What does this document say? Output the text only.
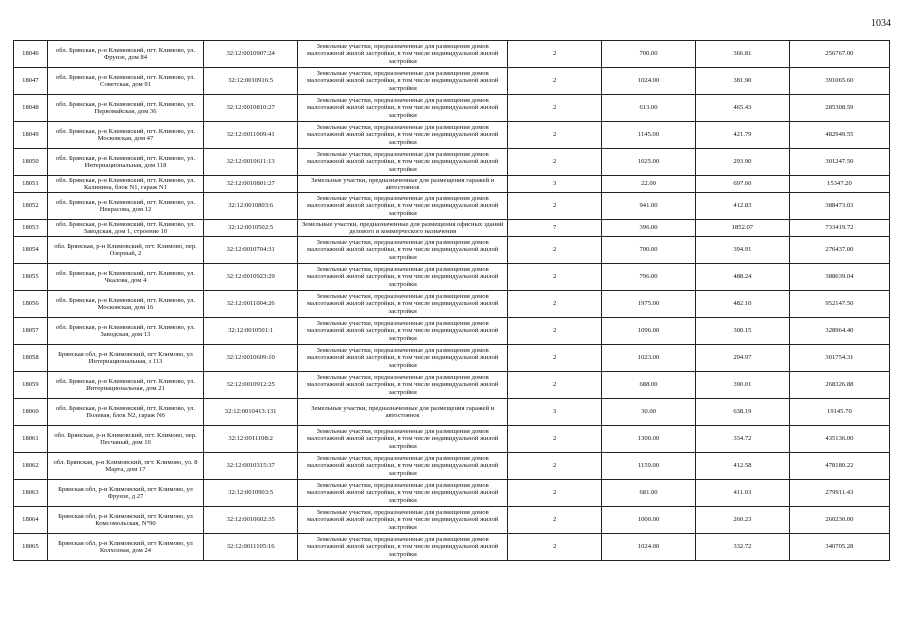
1034
18046	обл. Брянская, р-н Климовский, пгт. Климово, ул. Фрунзе, дом 84	32:12:0010907:24	Земельные участки, предназначенные для размещения домов малоэтажной жилой застройки, в том числе индивидуальной жилой застройки	2	700.00	366.81	256767.00
18047	обл. Брянская, р-н Климовский, пгт. Климово, ул. Советская, дом 91	32:12:0010916:5	Земельные участки, предназначенные для размещения домов малоэтажной жилой застройки, в том числе индивидуальной жилой застройки	2	1024.00	381.90	391065.60
18048	обл. Брянская, р-н Климовский, пгт. Климово, ул. Первомайская, дом 36	32:12:0010810:27	Земельные участки, предназначенные для размещения домов малоэтажной жилой застройки, в том числе индивидуальной жилой застройки	2	613.00	465.43	285308.59
18049	обл. Брянская, р-н Климовский, пгт. Климово, ул. Московская, дом 47	32:12:0011009:41	Земельные участки, предназначенные для размещения домов малоэтажной жилой застройки, в том числе индивидуальной жилой застройки	2	1145.00	421.79	482949.55
18050	обл. Брянская, р-н Климовский, пгт. Климово, ул. Интернациональная, дом 118	32:12:0010611:13	Земельные участки, предназначенные для размещения домов малоэтажной жилой застройки, в том числе индивидуальной жилой застройки	2	1025.00	293.90	301247.50
18051	обл. Брянская, р-н Климовский, пгт. Климово, ул. Калинина, блок N1, гараж N1	32:12:0010801:27	Земельные участки, предназначенные для размещения гаражей и автостоянок	3	22.00	697.60	15347.20
18052	обл. Брянская, р-н Климовский, пгт. Климово, ул. Некрасова, дом 12	32:12:0010803:6	Земельные участки, предназначенные для размещения домов малоэтажной жилой застройки, в том числе индивидуальной жилой застройки	2	941.00	412.83	388473.03
18053	обл. Брянская, р-н Климовский, пгт. Климово, ул. Заводская, дом 1, строение 10	32:12:0010502:5	Земельные участки, предназначенные для размещения офисных зданий делового и коммерческого назначения	7	396.00	1852.07	733419.72
18054	обл. Брянская, р-н Климовский, пгт. Климово, пер. Озерный, 2	32:12:0010704:31	Земельные участки, предназначенные для размещения домов малоэтажной жилой застройки, в том числе индивидуальной жилой застройки	2	700.00	394.91	276437.00
18055	обл. Брянская, р-н Климовский, пгт. Климово, ул. Чкалова, дом 4	32:12:0010923:29	Земельные участки, предназначенные для размещения домов малоэтажной жилой застройки, в том числе индивидуальной жилой застройки	2	796.00	488.24	388639.04
18056	обл. Брянская, р-н Климовский, пгт. Климово, ул. Московская, дом 16	32:12:0011004:26	Земельные участки, предназначенные для размещения домов малоэтажной жилой застройки, в том числе индивидуальной жилой застройки	2	1975.00	482.10	952147.50
18057	обл. Брянская, р-н Климовский, пгт. Климово, ул. Заводская, дом 13	32:12:0010501:1	Земельные участки, предназначенные для размещения домов малоэтажной жилой застройки, в том числе индивидуальной жилой застройки	2	1096.00	300.15	328964.40
18058	Брянская обл, р-н Климовский, пгт Климово, ул Интернациональная, з 113	32:12:0010609:10	Земельные участки, предназначенные для размещения домов малоэтажной жилой застройки, в том числе индивидуальной жилой застройки	2	1023.00	294.97	301754.31
18059	обл. Брянская, р-н Климовский, пгт. Климово, ул. Интернациональная, дом 21	32:12:0010912:25	Земельные участки, предназначенные для размещения домов малоэтажной жилой застройки, в том числе индивидуальной жилой застройки	2	688.00	390.01	268326.88
18060	обл. Брянская, р-н Климовский, пгт. Климово, ул. Полевая, блок N2, гараж N6	32:12:0010413:131	Земельные участки, предназначенные для размещения гаражей и автостоянок	3	30.00	638.19	19145.70
18061	обл. Брянская, р-н Климовский, пгт. Климово, пер. Песчаный, дом 10	32:12:0011108:2	Земельные участки, предназначенные для размещения домов малоэтажной жилой застройки, в том числе индивидуальной жилой застройки	2	1300.00	334.72	435136.00
18062	обл. Брянская, р-н Климовский, пгт. Климово, ул. 8 Марта, дом 17	32:12:0010315:37	Земельные участки, предназначенные для размещения домов малоэтажной жилой застройки, в том числе индивидуальной жилой застройки	2	1159.00	412.58	478180.22
18063	Брянская обл, р-н Климовский, пгт Климово, ул Фрунзе, д 27	32:12:0010903:5	Земельные участки, предназначенные для размещения домов малоэтажной жилой застройки, в том числе индивидуальной жилой застройки	2	681.00	411.03	279911.43
18064	Брянская обл, р-н Климовский, пгт Климово, ул Комсомольская, N°90	32:12:0010602:35	Земельные участки, предназначенные для размещения домов малоэтажной жилой застройки, в том числе индивидуальной жилой застройки	2	1000.00	260.23	260230.00
18065	Брянская обл, р-н Климовский, пгт Климово, ул Колхозная, дом 24	32:12:0011105:16	Земельные участки, предназначенные для размещения домов малоэтажной жилой застройки, в том числе индивидуальной жилой застройки	2	1024.00	332.72	340705.28
